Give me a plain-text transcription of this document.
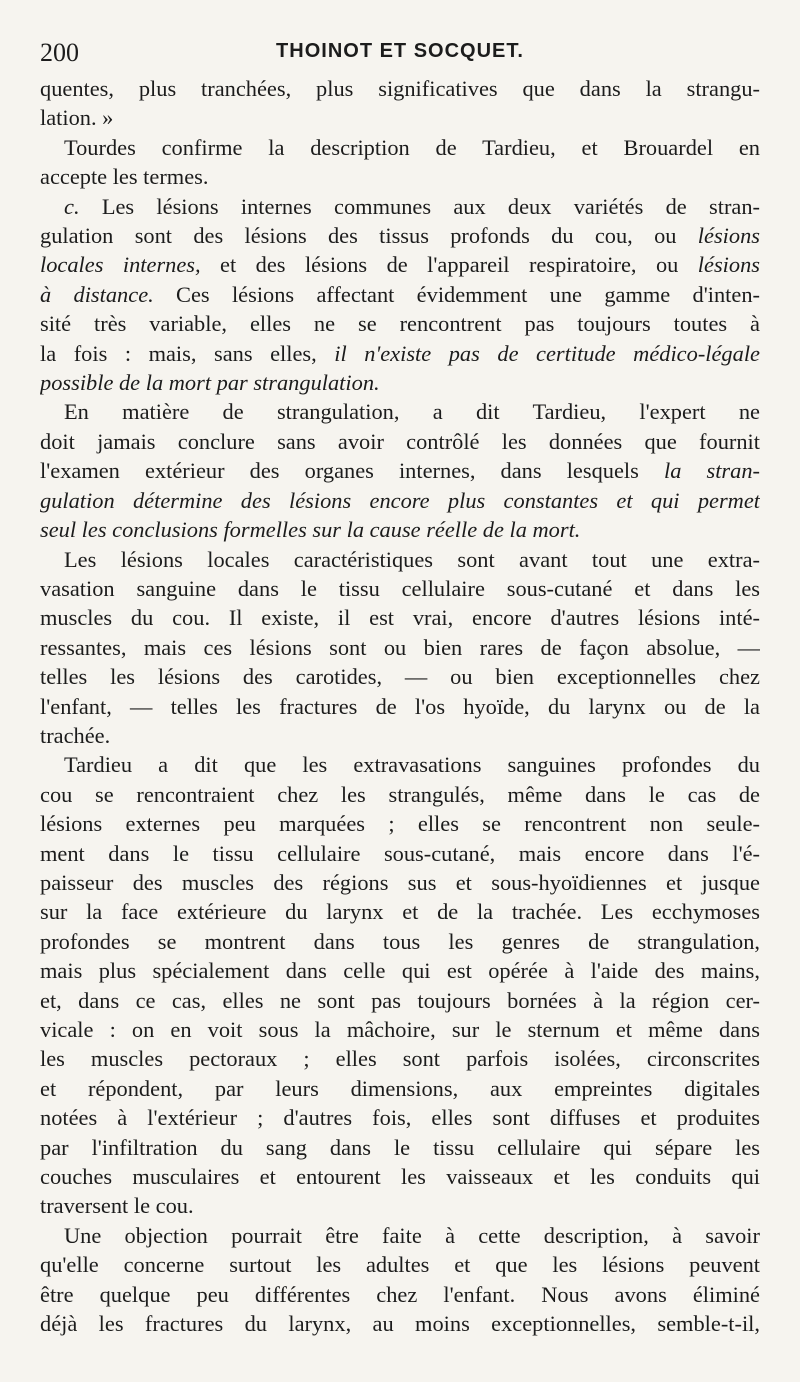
200	THOINOT ET SOCQUET.
quentes, plus tranchées, plus significatives que dans la strangu-
lation. »
Tourdes confirme la description de Tardieu, et Brouardel en
accepte les termes.
c. Les lésions internes communes aux deux variétés de stran-
gulation sont des lésions des tissus profonds du cou, ou lésions
locales internes, et des lésions de l'appareil respiratoire, ou lésions
à distance. Ces lésions affectant évidemment une gamme d'inten-
sité très variable, elles ne se rencontrent pas toujours toutes à
la fois : mais, sans elles, il n'existe pas de certitude médico-légale
possible de la mort par strangulation.
En matière de strangulation, a dit Tardieu, l'expert ne
doit jamais conclure sans avoir contrôlé les données que fournit
l'examen extérieur des organes internes, dans lesquels la stran-
gulation détermine des lésions encore plus constantes et qui permet
seul les conclusions formelles sur la cause réelle de la mort.
Les lésions locales caractéristiques sont avant tout une extra-
vasation sanguine dans le tissu cellulaire sous-cutané et dans les
muscles du cou. Il existe, il est vrai, encore d'autres lésions inté-
ressantes, mais ces lésions sont ou bien rares de façon absolue, —
telles les lésions des carotides, — ou bien exceptionnelles chez
l'enfant, — telles les fractures de l'os hyoïde, du larynx ou de la
trachée.
Tardieu a dit que les extravasations sanguines profondes du
cou se rencontraient chez les strangulés, même dans le cas de
lésions externes peu marquées ; elles se rencontrent non seule-
ment dans le tissu cellulaire sous-cutané, mais encore dans l'é-
paisseur des muscles des régions sus et sous-hyoïdiennes et jusque
sur la face extérieure du larynx et de la trachée. Les ecchymoses
profondes se montrent dans tous les genres de strangulation,
mais plus spécialement dans celle qui est opérée à l'aide des mains,
et, dans ce cas, elles ne sont pas toujours bornées à la région cer-
vicale : on en voit sous la mâchoire, sur le sternum et même dans
les muscles pectoraux ; elles sont parfois isolées, circonscrites
et répondent, par leurs dimensions, aux empreintes digitales
notées à l'extérieur ; d'autres fois, elles sont diffuses et produites
par l'infiltration du sang dans le tissu cellulaire qui sépare les
couches musculaires et entourent les vaisseaux et les conduits qui
traversent le cou.
Une objection pourrait être faite à cette description, à savoir
qu'elle concerne surtout les adultes et que les lésions peuvent
être quelque peu différentes chez l'enfant. Nous avons éliminé
déjà les fractures du larynx, au moins exceptionnelles, semble-t-il,
